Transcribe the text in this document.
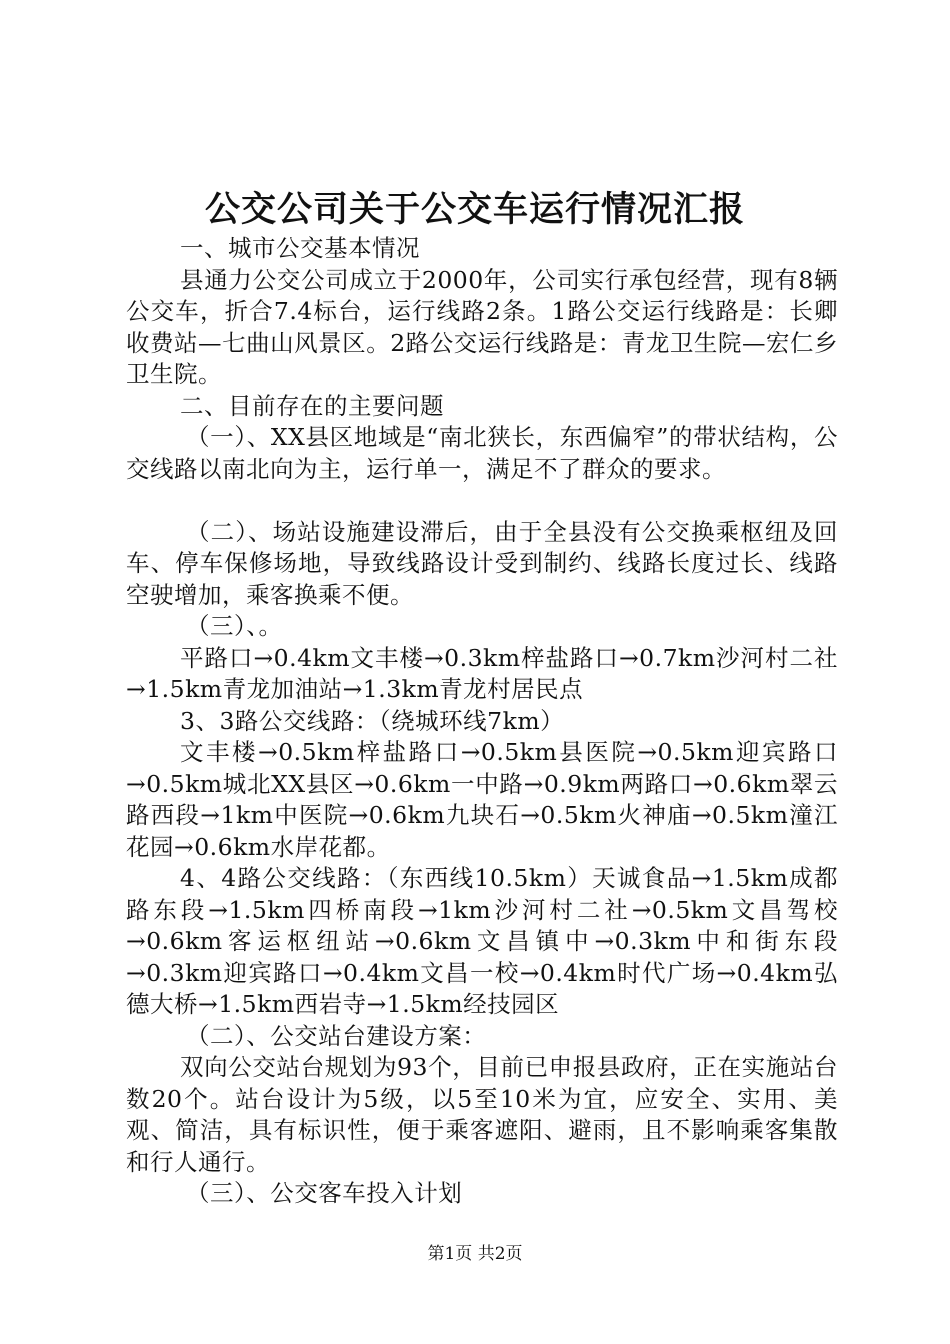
公交公司关于公交车运行情况汇报

一、城市公交基本情况

县通力公交公司成立于2000年，公司实行承包经营，现有8辆公交车，折合7.4标台，运行线路2条。1路公交运行线路是：长卿收费站—七曲山风景区。2路公交运行线路是：青龙卫生院—宏仁乡卫生院。

二、目前存在的主要问题

（一）、XX县区地域是“南北狭长，东西偏窄”的带状结构，公交线路以南北向为主，运行单一，满足不了群众的要求。

（二）、场站设施建设滞后，由于全县没有公交换乘枢纽及回车、停车保修场地，导致线路设计受到制约、线路长度过长、线路空驶增加，乘客换乘不便。

（三）、。

平路口→0.4km文丰楼→0.3km梓盐路口→0.7km沙河村二社→1.5km青龙加油站→1.3km青龙村居民点

3、3路公交线路：（绕城环线7km）

文丰楼→0.5km梓盐路口→0.5km县医院→0.5km迎宾路口→0.5km城北XX县区→0.6km一中路→0.9km两路口→0.6km翠云路西段→1km中医院→0.6km九块石→0.5km火神庙→0.5km潼江花园→0.6km水岸花都。

4、4路公交线路：（东西线10.5km）天诚食品→1.5km成都路东段→1.5km四桥南段→1km沙河村二社→0.5km文昌驾校→0.6km客运枢纽站→0.6km文昌镇中→0.3km中和街东段→0.3km迎宾路口→0.4km文昌一校→0.4km时代广场→0.4km弘德大桥→1.5km西岩寺→1.5km经技园区

（二）、公交站台建设方案：

双向公交站台规划为93个，目前已申报县政府，正在实施站台数20个。站台设计为5级，以5至10米为宜，应安全、实用、美观、简洁，具有标识性，便于乘客遮阳、避雨，且不影响乘客集散和行人通行。

（三）、公交客车投入计划

第1页 共2页
